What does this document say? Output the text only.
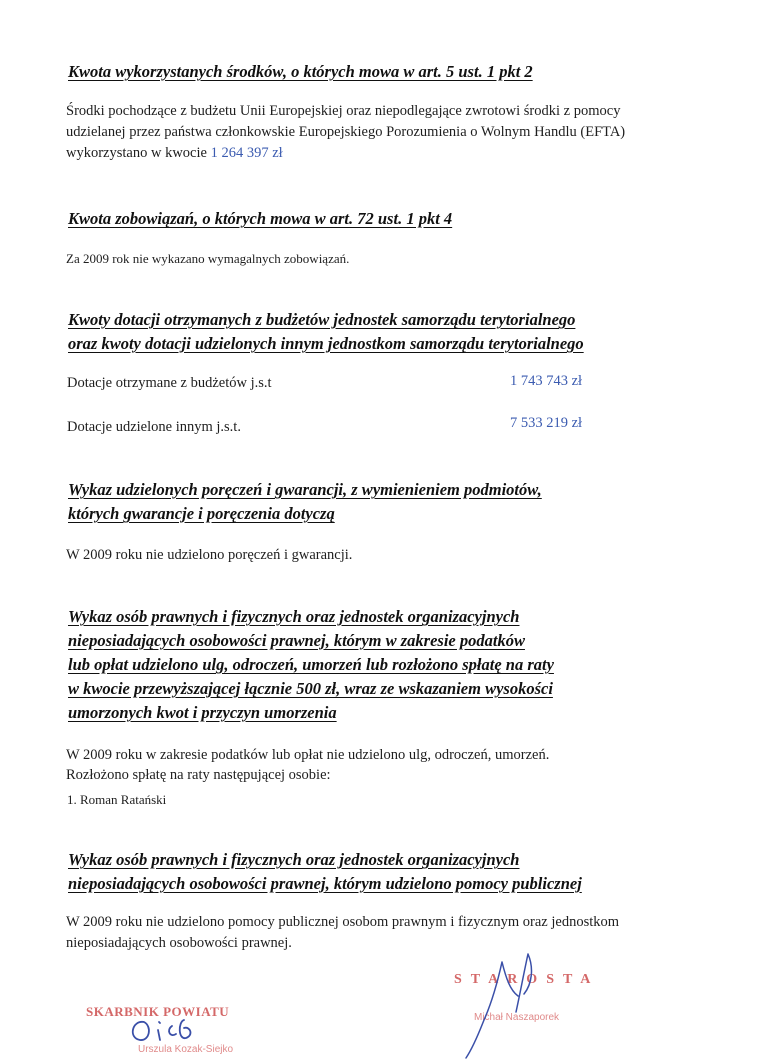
Kwota wykorzystanych środków, o których mowa w art. 5 ust. 1 pkt 2
Środki pochodzące z budżetu Unii Europejskiej oraz niepodlegające zwrotowi środki z pomocy
udzielanej przez państwa członkowskie Europejskiego Porozumienia o Wolnym Handlu (EFTA)
wykorzystano w kwocie 1 264 397 zł
Kwota zobowiązań, o których mowa w art. 72 ust. 1 pkt 4
Za 2009 rok nie wykazano wymagalnych zobowiązań.
Kwoty dotacji otrzymanych z budżetów jednostek samorządu terytorialnego
oraz kwoty dotacji udzielonych innym jednostkom samorządu terytorialnego
Dotacje otrzymane z budżetów j.s.t	1 743 743 zł
Dotacje udzielone innym j.s.t.	7 533 219 zł
Wykaz udzielonych poręczeń i gwarancji, z wymienieniem podmiotów,
których gwarancje i poręczenia dotyczą
W 2009 roku nie udzielono poręczeń i gwarancji.
Wykaz osób prawnych i fizycznych oraz jednostek organizacyjnych
nieposiadających osobowości prawnej, którym w zakresie podatków
lub opłat udzielono ulg, odroczeń, umorzeń lub rozłożono spłatę na raty
w kwocie przewyższającej łącznie 500 zł, wraz ze wskazaniem wysokości
umorzonych kwot i przyczyn umorzenia
W 2009 roku w zakresie podatków lub opłat nie udzielono ulg, odroczeń, umorzeń.
Rozłożono spłatę na raty następującej osobie:
1. Roman Ratański
Wykaz osób prawnych i fizycznych oraz jednostek organizacyjnych
nieposiadających osobowości prawnej, którym udzielono pomocy publicznej
W 2009 roku nie udzielono pomocy publicznej osobom prawnym i fizycznym oraz jednostkom
nieposiadających osobowości prawnej.
SKARBNIK POWIATU
Urszula Kozak-Siejko
STAROSTA
Michał Naszaporek
